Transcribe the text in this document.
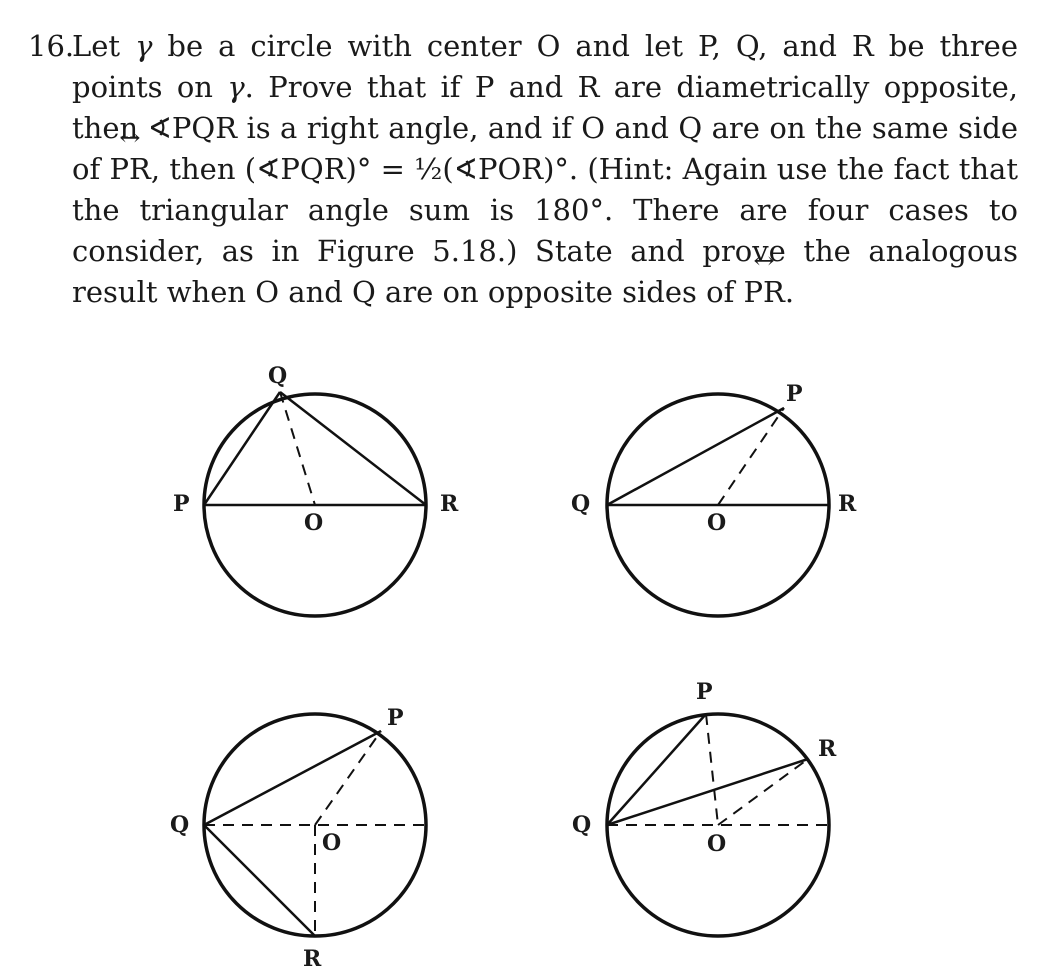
16.
Let γ be a circle with center O and let P, Q, and R be three points on γ. Prove that if P and R are diametrically opposite, then ∢PQR is a right angle, and if O and Q are on the same side of ↔ PR, then (∢PQR)° = ½(∢POR)°. (Hint: Again use the fact that the triangular angle sum is 180°. There are four cases to consider, as in Figure 5.18.) State and prove the analogous result when O and Q are on opposite sides of ↔ PR.
Q
P	R
O
P
Q	R
O
P
Q
R
O
P
Q
R
O
